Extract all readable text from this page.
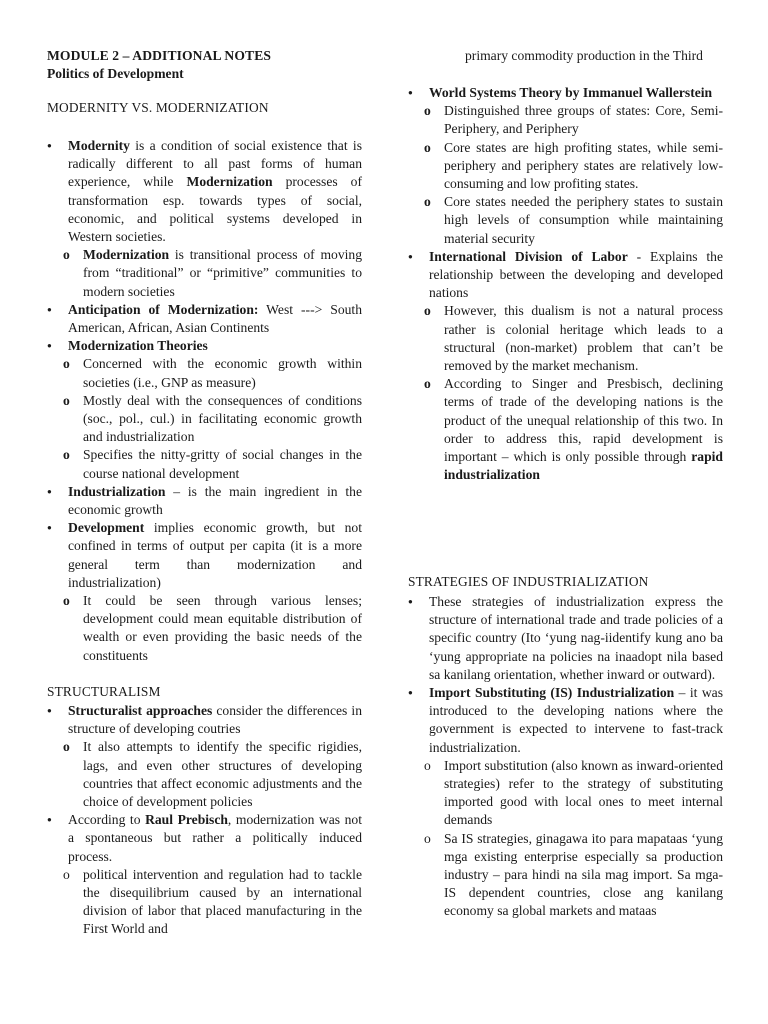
MODULE 2 – ADDITIONAL NOTES
Politics of Development
MODERNITY VS. MODERNIZATION
● Modernity is a condition of social existence that is radically different to all past forms of human experience, while Modernization processes of transformation esp. towards types of social, economic, and political systems developed in Western societies.
o Modernization is transitional process of moving from “traditional” or “primitive” communities to modern societies
● Anticipation of Modernization: West ---> South American, African, Asian Continents
● Modernization Theories
o Concerned with the economic growth within societies (i.e., GNP as measure)
o Mostly deal with the consequences of conditions (soc., pol., cul.) in facilitating economic growth and industrialization
o Specifies the nitty-gritty of social changes in the course national development
● Industrialization – is the main ingredient in the economic growth
● Development implies economic growth, but not confined in terms of output per capita (it is a more general term than modernization and industrialization)
o It could be seen through various lenses; development could mean equitable distribution of wealth or even providing the basic needs of the constituents
STRUCTURALISM
● Structuralist approaches consider the differences in structure of developing coutries
o It also attempts to identify the specific rigidies, lags, and even other structures of developing countries that affect economic adjustments and the choice of development policies
● According to Raul Prebisch, modernization was not a spontaneous but rather a politically induced process.
o political intervention and regulation had to tackle the disequilibrium caused by an international division of labor that placed manufacturing in the First World and
primary commodity production in the Third
● World Systems Theory by Immanuel Wallerstein
o Distinguished three groups of states: Core, Semi-Periphery, and Periphery
o Core states are high profiting states, while semi-periphery and periphery states are relatively low-consuming and low profiting states.
o Core states needed the periphery states to sustain high levels of consumption while maintaining material security
● International Division of Labor - Explains the relationship between the developing and developed nations
o However, this dualism is not a natural process rather is colonial heritage which leads to a structural (non-market) problem that can’t be removed by the market mechanism.
o According to Singer and Presbisch, declining terms of trade of the developing nations is the product of the unequal relationship of this two. In order to address this, rapid development is important – which is only possible through rapid industrialization
STRATEGIES OF INDUSTRIALIZATION
● These strategies of industrialization express the structure of international trade and trade policies of a specific country (Ito ‘yung nag-iidentify kung ano ba ‘yung appropriate na policies na inaadopt nila based sa kanilang orientation, whether inward or outward).
● Import Substituting (IS) Industrialization – it was introduced to the developing nations where the government is expected to intervene to fast-track industrialization.
o Import substitution (also known as inward-oriented strategies) refer to the strategy of substituting imported good with local ones to meet internal demands
o Sa IS strategies, ginagawa ito para mapataas ‘yung mga existing enterprise especially sa production industry – para hindi na sila mag import. Sa mga-IS dependent countries, close ang kanilang economy sa global markets and mataas
